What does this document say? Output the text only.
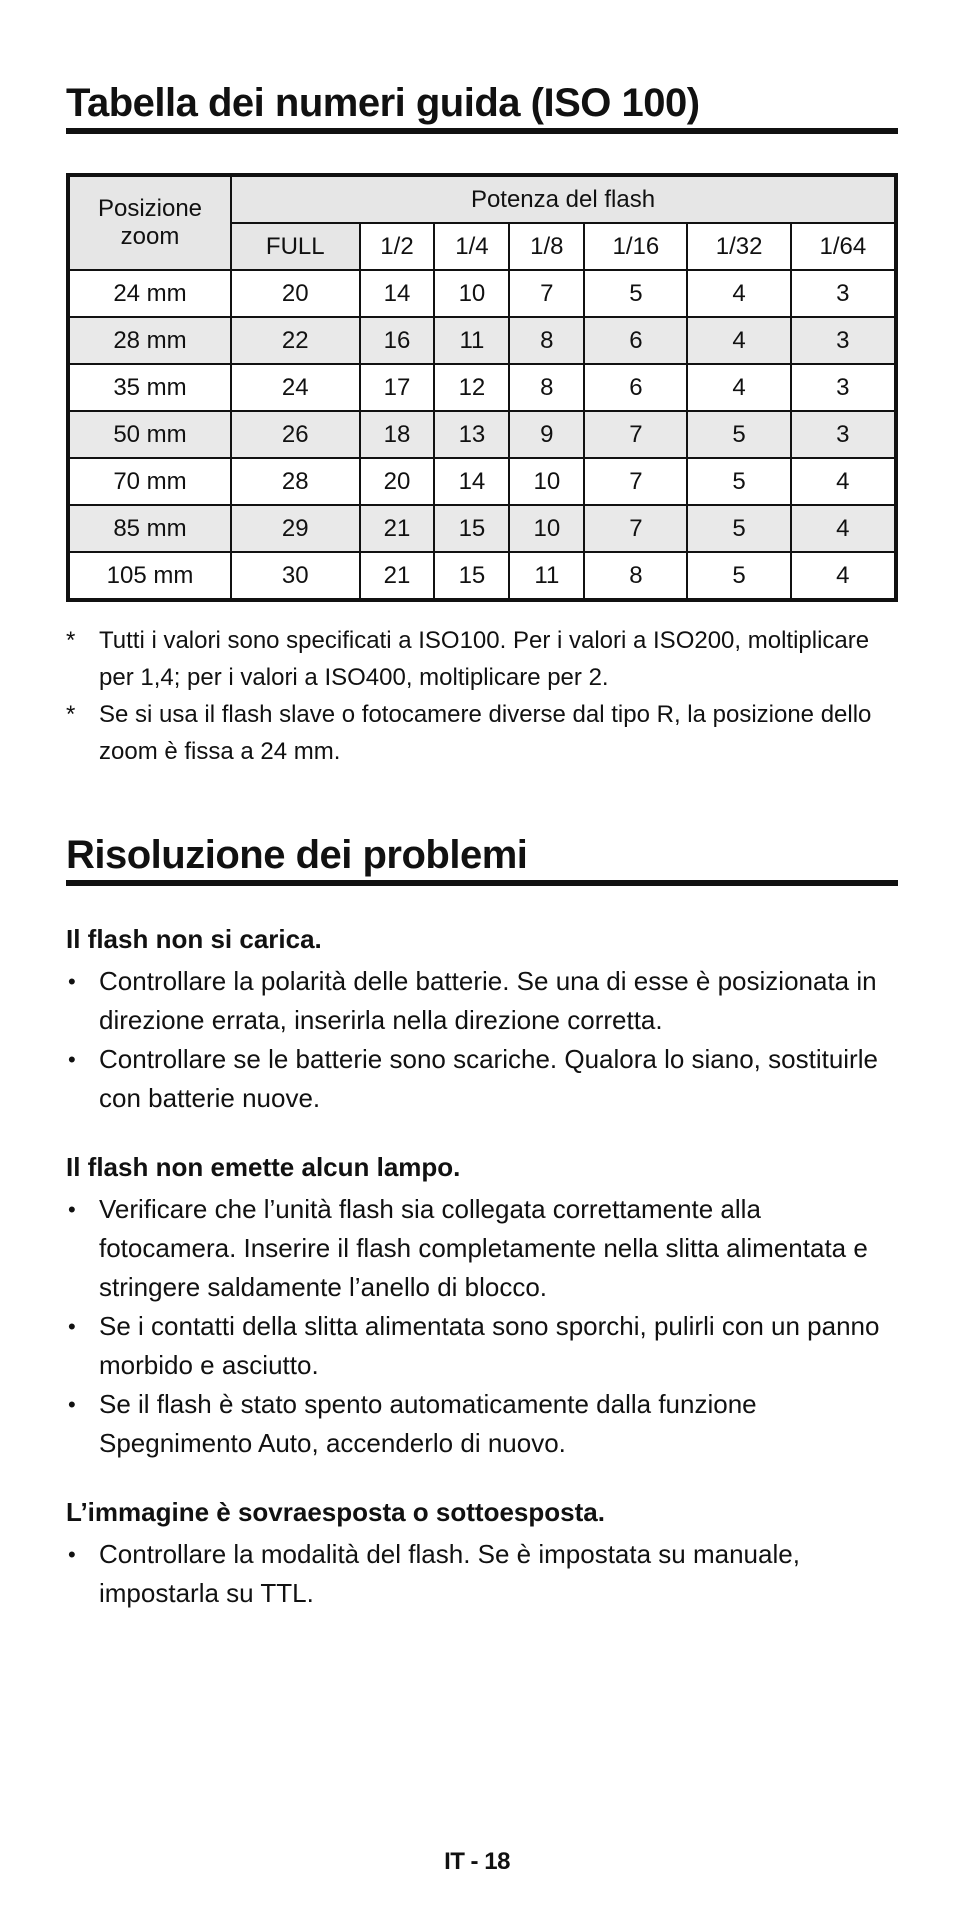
Tabella dei numeri guida (ISO 100)
Posizione zoom	Potenza del flash						
	FULL	1/2	1/4	1/8	1/16	1/32	1/64
24 mm	20	14	10	7	5	4	3
28 mm	22	16	11	8	6	4	3
35 mm	24	17	12	8	6	4	3
50 mm	26	18	13	9	7	5	3
70 mm	28	20	14	10	7	5	4
85 mm	29	21	15	10	7	5	4
105 mm	30	21	15	11	8	5	4
* Tutti i valori sono specificati a ISO100. Per i valori a ISO200, moltiplicare per 1,4; per i valori a ISO400, moltiplicare per 2.
* Se si usa il flash slave o fotocamere diverse dal tipo R, la posizione dello zoom è fissa a 24 mm.
Risoluzione dei problemi
Il flash non si carica.
• Controllare la polarità delle batterie. Se una di esse è posizionata in direzione errata, inserirla nella direzione corretta.
• Controllare se le batterie sono scariche. Qualora lo siano, sostituirle con batterie nuove.
Il flash non emette alcun lampo.
• Verificare che l’unità flash sia collegata correttamente alla fotocamera. Inserire il flash completamente nella slitta alimentata e stringere saldamente l’anello di blocco.
• Se i contatti della slitta alimentata sono sporchi, pulirli con un panno morbido e asciutto.
• Se il flash è stato spento automaticamente dalla funzione Spegnimento Auto, accenderlo di nuovo.
L’immagine è sovraesposta o sottoesposta.
• Controllare la modalità del flash. Se è impostata su manuale, impostarla su TTL.
IT - 18
